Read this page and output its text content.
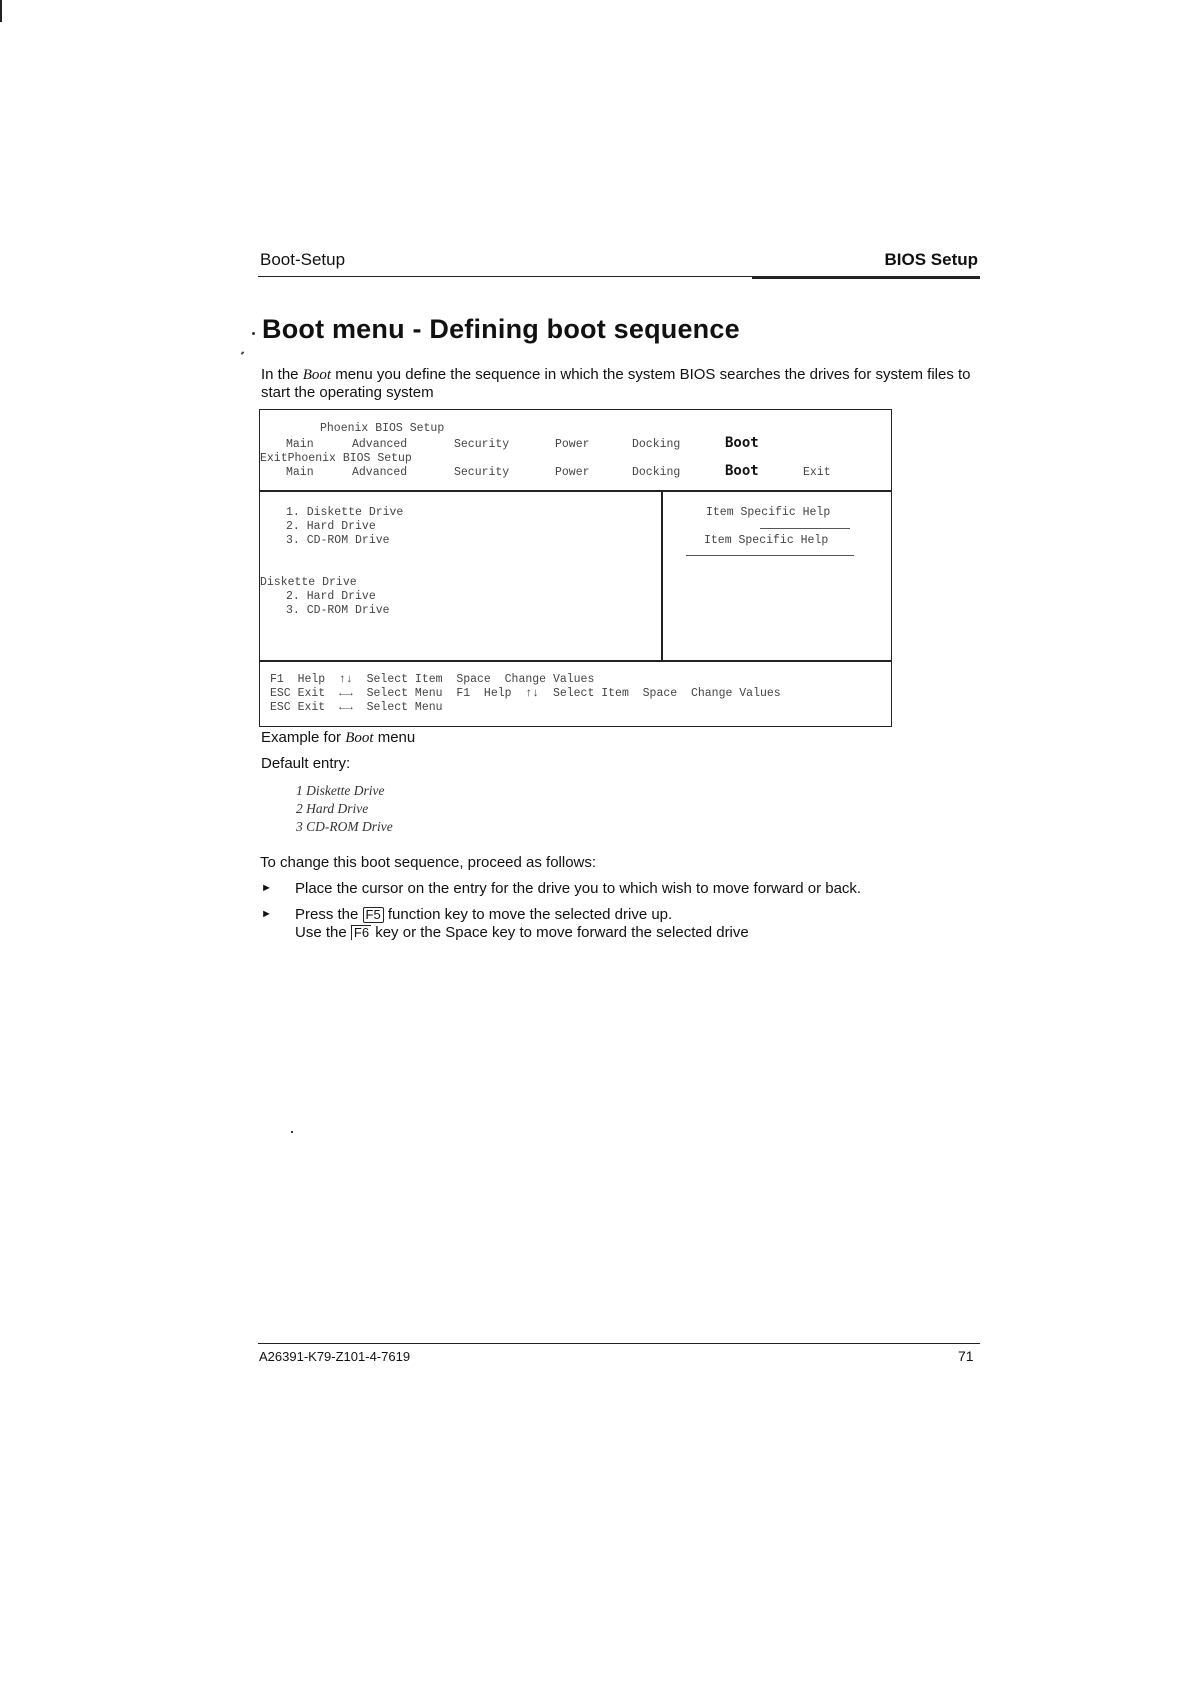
Boot-Setup	BIOS Setup
Boot menu - Defining boot sequence

In the Boot menu you define the sequence in which the system BIOS searches the drives for system files to start the operating system

Phoenix BIOS Setup
Main	Advanced	Security	Power	Docking	Boot
ExitPhoenix BIOS Setup
Main	Advanced	Security	Power	Docking	Boot	Exit
1. Diskette Drive
2. Hard Drive
3. CD-ROM Drive
Item Specific Help
Item Specific Help
Diskette Drive
2. Hard Drive
3. CD-ROM Drive
F1  Help  ↑↓  Select Item  Space  Change Values
ESC Exit  ←→  Select Menu  F1  Help  ↑↓  Select Item  Space  Change Values
ESC Exit  ←→  Select Menu
Example for Boot menu
Default entry:
1 Diskette Drive
2 Hard Drive
3 CD-ROM Drive
To change this boot sequence, proceed as follows:
► Place the cursor on the entry for the drive you to which wish to move forward or back.
► Press the F5 function key to move the selected drive up.
Use the F6 key or the Space key to move forward the selected drive
A26391-K79-Z101-4-7619	71
